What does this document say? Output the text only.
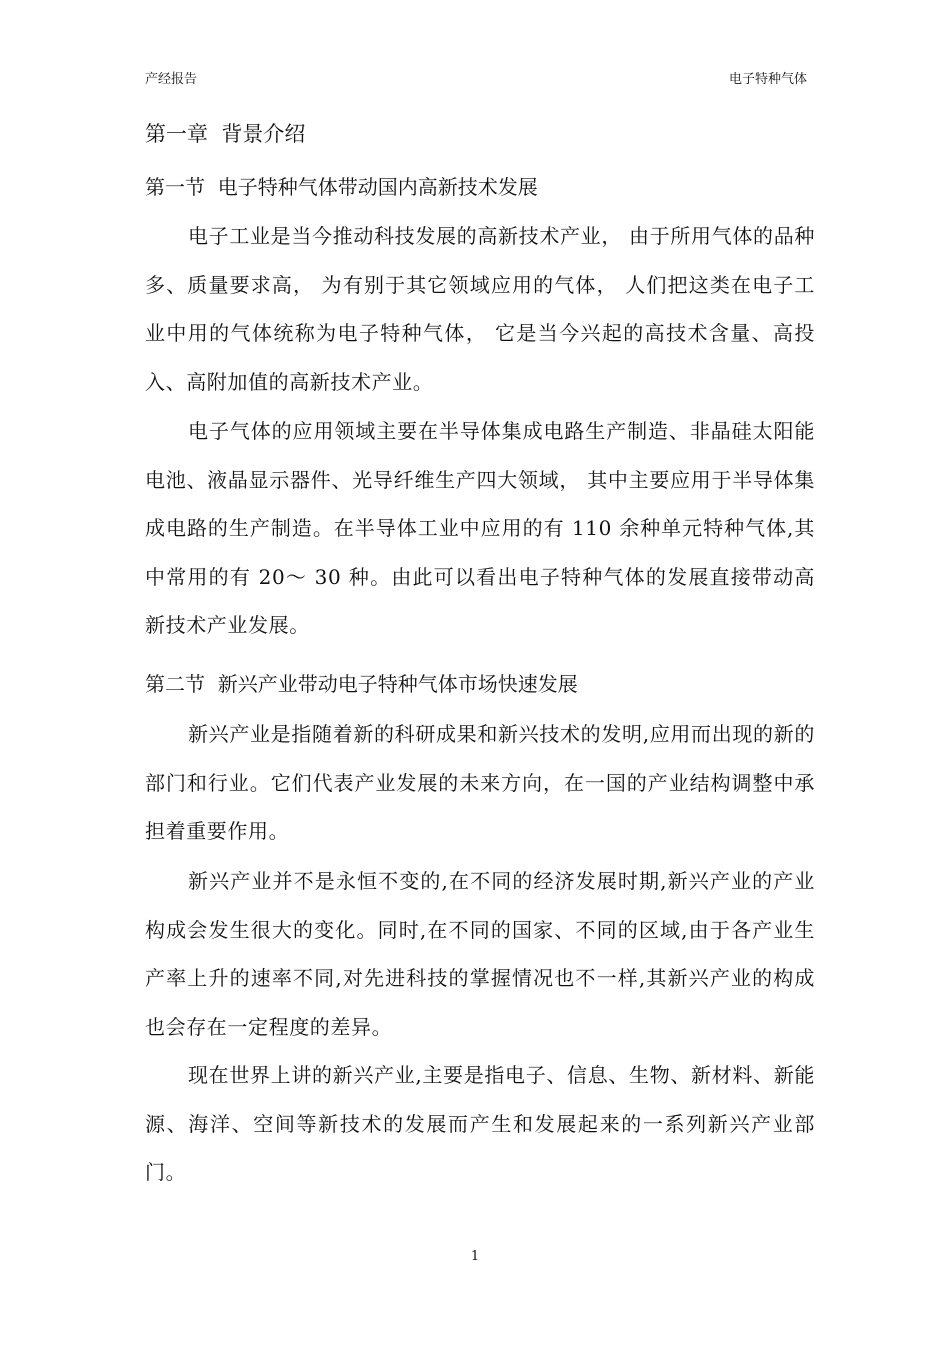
产经报告	电子特种气体
第一章  背景介绍
第一节  电子特种气体带动国内高新技术发展

电子工业是当今推动科技发展的高新技术产业， 由于所用气体的品种多、质量要求高， 为有别于其它领域应用的气体， 人们把这类在电子工业中用的气体统称为电子特种气体， 它是当今兴起的高技术含量、高投入、高附加值的高新技术产业。

电子气体的应用领域主要在半导体集成电路生产制造、非晶硅太阳能电池、液晶显示器件、光导纤维生产四大领域， 其中主要应用于半导体集成电路的生产制造。在半导体工业中应用的有 110 余种单元特种气体,其中常用的有 20～ 30 种。由此可以看出电子特种气体的发展直接带动高新技术产业发展。

第二节  新兴产业带动电子特种气体市场快速发展

新兴产业是指随着新的科研成果和新兴技术的发明,应用而出现的新的部门和行业。它们代表产业发展的未来方向，在一国的产业结构调整中承担着重要作用。

新兴产业并不是永恒不变的,在不同的经济发展时期,新兴产业的产业构成会发生很大的变化。同时,在不同的国家、不同的区域,由于各产业生产率上升的速率不同,对先进科技的掌握情况也不一样,其新兴产业的构成也会存在一定程度的差异。

现在世界上讲的新兴产业,主要是指电子、信息、生物、新材料、新能源、海洋、空间等新技术的发展而产生和发展起来的一系列新兴产业部门。

1
